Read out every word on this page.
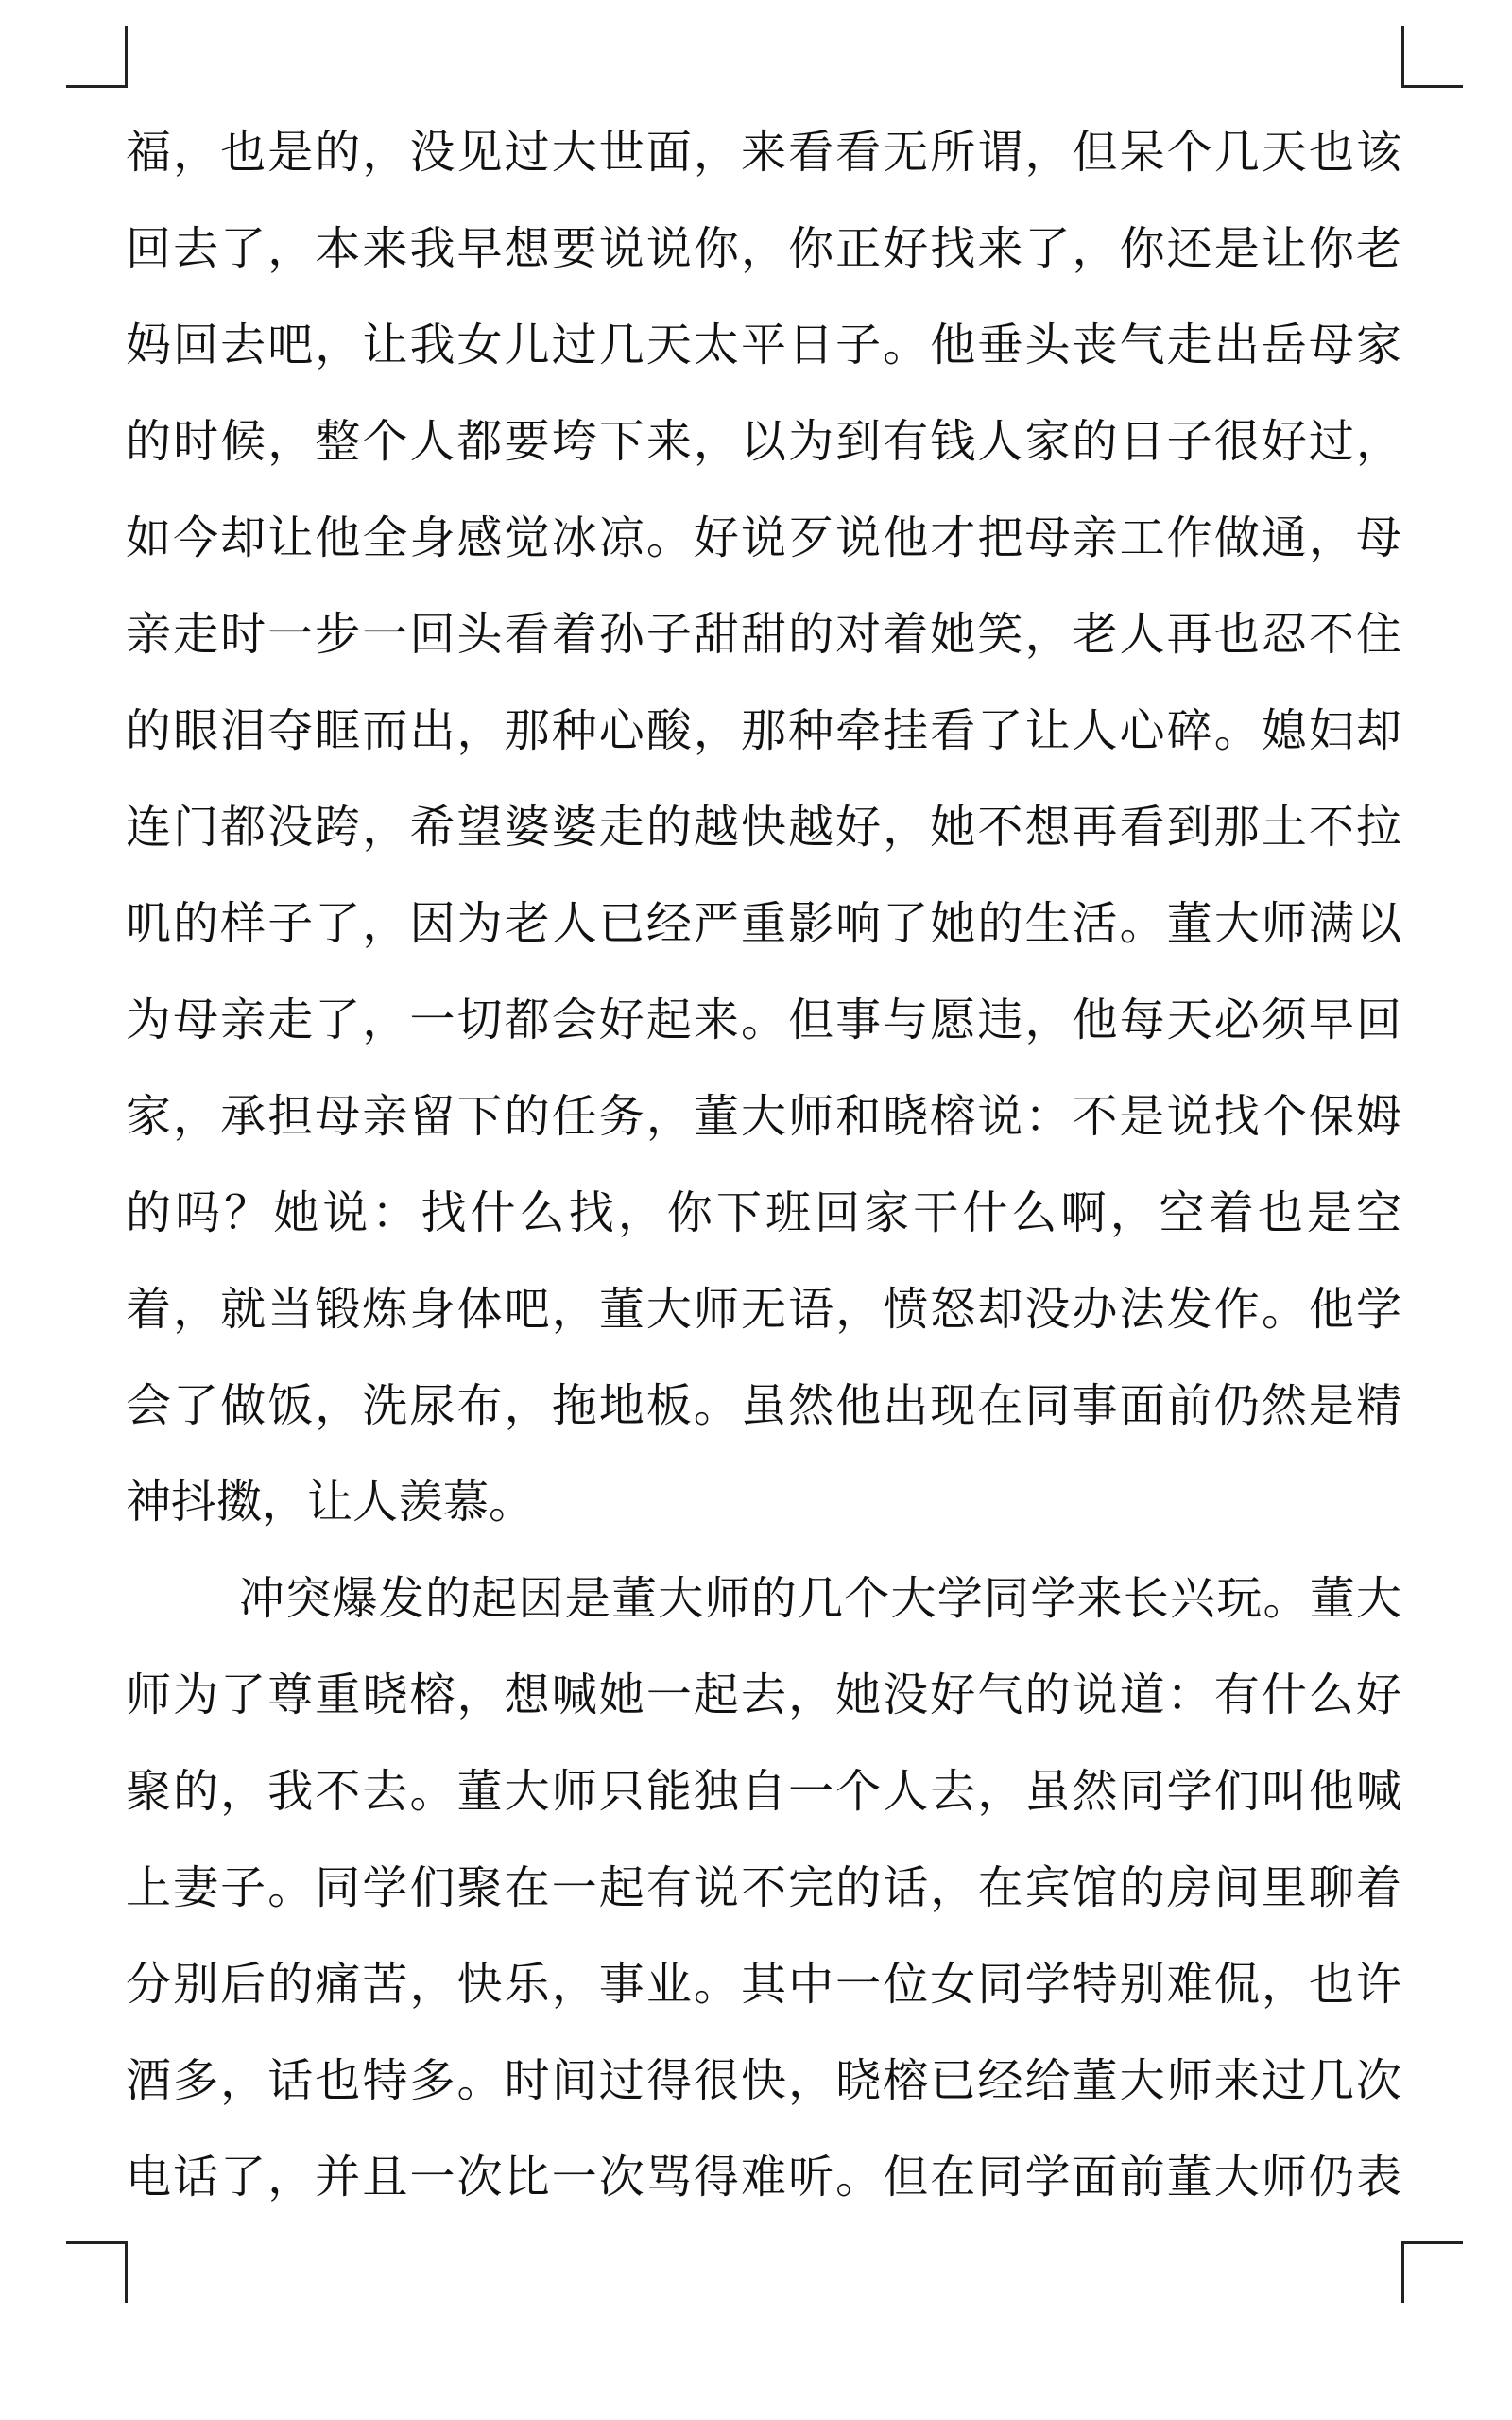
福，也是的，没见过大世面，来看看无所谓，但呆个几天也该
回去了，本来我早想要说说你，你正好找来了，你还是让你老
妈回去吧，让我女儿过几天太平日子。他垂头丧气走出岳母家
的时候，整个人都要垮下来，以为到有钱人家的日子很好过，
如今却让他全身感觉冰凉。好说歹说他才把母亲工作做通，母
亲走时一步一回头看着孙子甜甜的对着她笑，老人再也忍不住
的眼泪夺眶而出，那种心酸，那种牵挂看了让人心碎。媳妇却
连门都没跨，希望婆婆走的越快越好，她不想再看到那土不拉
叽的样子了，因为老人已经严重影响了她的生活。董大师满以
为母亲走了，一切都会好起来。但事与愿违，他每天必须早回
家，承担母亲留下的任务，董大师和晓榕说：不是说找个保姆
的吗？她说：找什么找，你下班回家干什么啊，空着也是空
着，就当锻炼身体吧，董大师无语，愤怒却没办法发作。他学
会了做饭，洗尿布，拖地板。虽然他出现在同事面前仍然是精
神抖擞，让人羡慕。
冲突爆发的起因是董大师的几个大学同学来长兴玩。董大
师为了尊重晓榕，想喊她一起去，她没好气的说道：有什么好
聚的，我不去。董大师只能独自一个人去，虽然同学们叫他喊
上妻子。同学们聚在一起有说不完的话，在宾馆的房间里聊着
分别后的痛苦，快乐，事业。其中一位女同学特别难侃，也许
酒多，话也特多。时间过得很快，晓榕已经给董大师来过几次
电话了，并且一次比一次骂得难听。但在同学面前董大师仍表
